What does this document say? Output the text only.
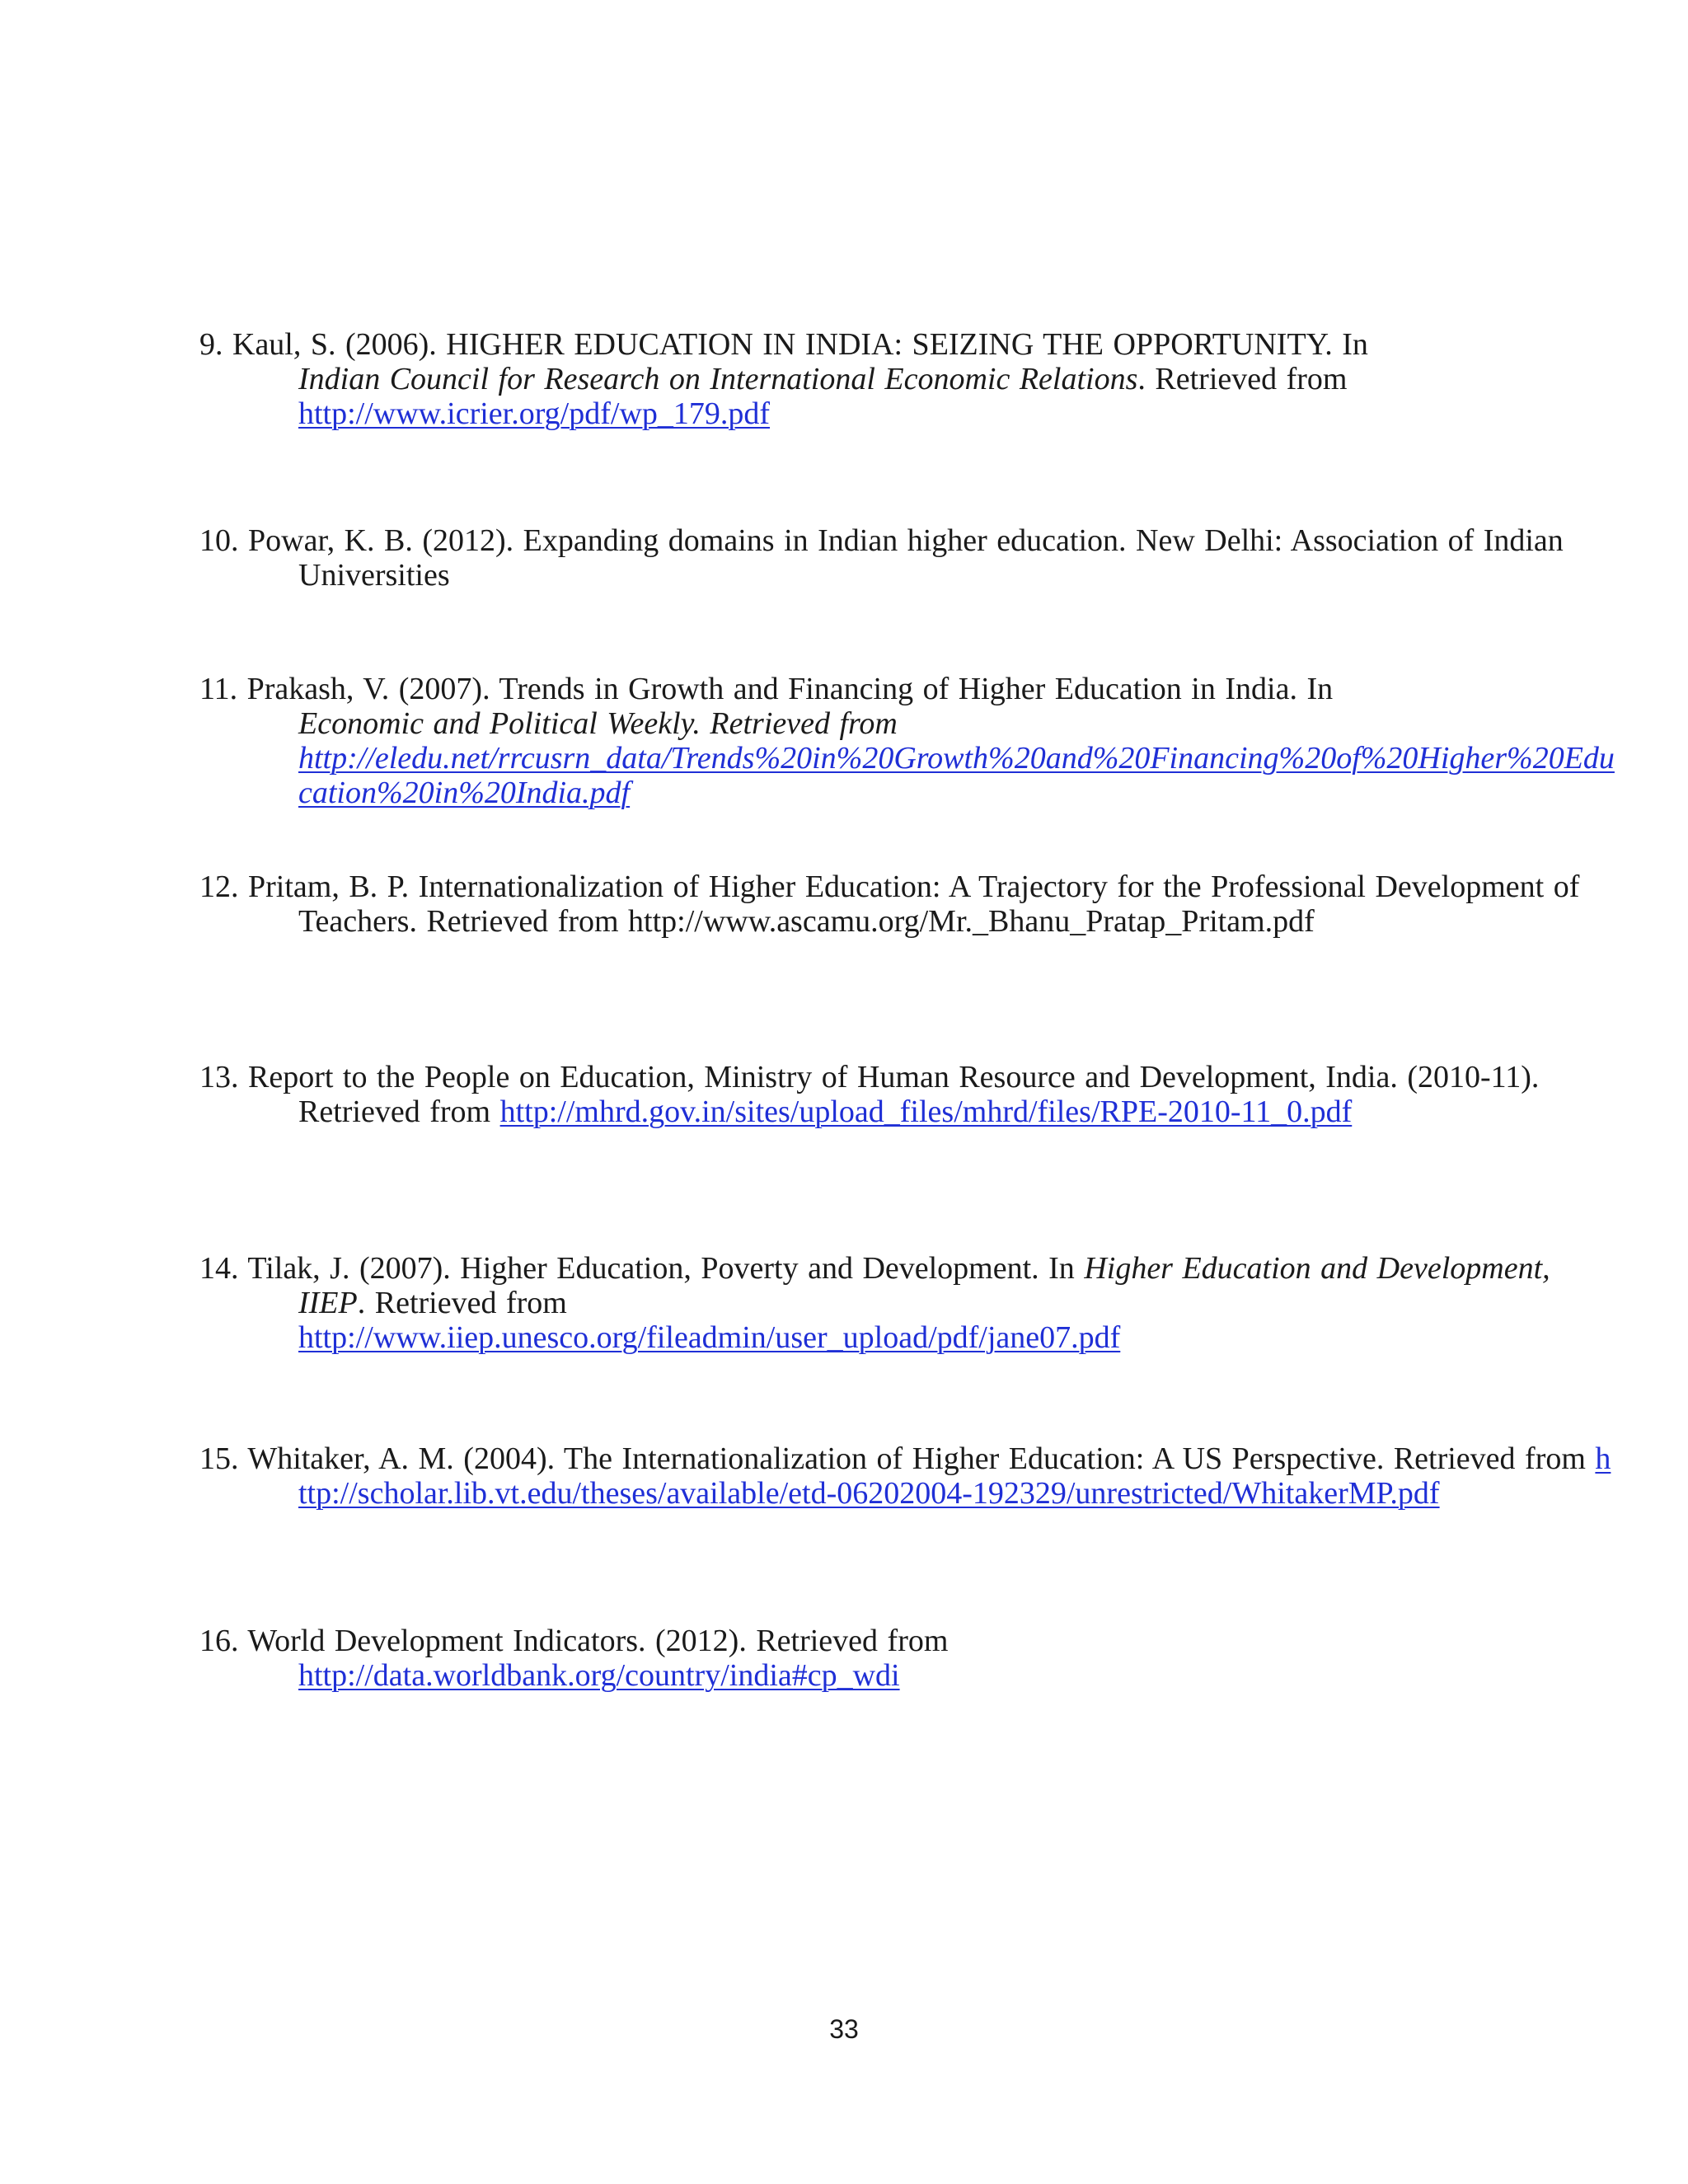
9. Kaul, S. (2006). HIGHER EDUCATION IN INDIA: SEIZING THE OPPORTUNITY. In
Indian Council for Research on International Economic Relations. Retrieved from http://www.icrier.org/pdf/wp_179.pdf
10. Powar, K. B. (2012). Expanding domains in Indian higher education. New Delhi: Association of Indian Universities
11. Prakash, V. (2007). Trends in Growth and Financing of Higher Education in India. In
Economic and Political Weekly. Retrieved from
http://eledu.net/rrcusrn_data/Trends%20in%20Growth%20and%20Financing%20of%20Higher%20Education%20in%20India.pdf
12. Pritam, B. P. Internationalization of Higher Education: A Trajectory for the Professional Development of Teachers. Retrieved from http://www.ascamu.org/Mr._Bhanu_Pratap_Pritam.pdf
13. Report to the People on Education, Ministry of Human Resource and Development, India. (2010-11). Retrieved from http://mhrd.gov.in/sites/upload_files/mhrd/files/RPE-2010-11_0.pdf
14. Tilak, J. (2007). Higher Education, Poverty and Development. In Higher Education and Development, IIEP. Retrieved from
http://www.iiep.unesco.org/fileadmin/user_upload/pdf/jane07.pdf
15. Whitaker, A. M. (2004). The Internationalization of Higher Education: A US Perspective. Retrieved from http://scholar.lib.vt.edu/theses/available/etd-06202004-192329/unrestricted/WhitakerMP.pdf
16. World Development Indicators. (2012). Retrieved from
http://data.worldbank.org/country/india#cp_wdi
33
